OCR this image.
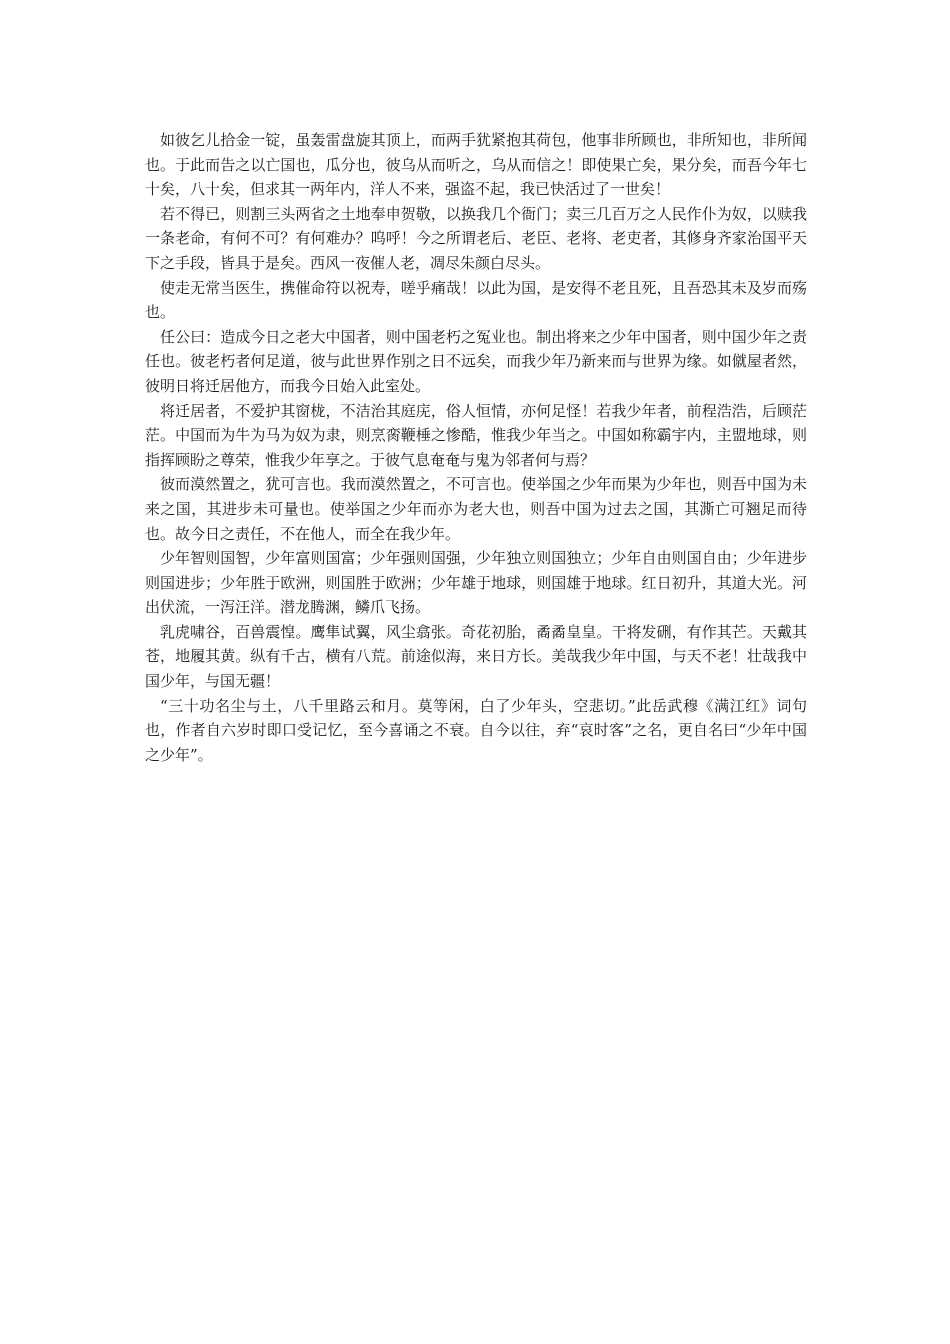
如彼乞儿拾金一锭，虽轰雷盘旋其顶上，而两手犹紧抱其荷包，他事非所顾也，非所知也，非所闻也。于此而告之以亡国也，瓜分也，彼乌从而听之，乌从而信之！即使果亡矣，果分矣，而吾今年七十矣，八十矣，但求其一两年内，洋人不来，强盗不起，我已快活过了一世矣！

若不得已，则割三头两省之土地奉申贺敬，以换我几个衙门；卖三几百万之人民作仆为奴，以赎我一条老命，有何不可？有何难办？呜呼！今之所谓老后、老臣、老将、老吏者，其修身齐家治国平天下之手段，皆具于是矣。西风一夜催人老，凋尽朱颜白尽头。

使走无常当医生，携催命符以祝寿，嗟乎痛哉！以此为国，是安得不老且死，且吾恐其未及岁而殇也。

任公曰：造成今日之老大中国者，则中国老朽之冤业也。制出将来之少年中国者，则中国少年之责任也。彼老朽者何足道，彼与此世界作别之日不远矣，而我少年乃新来而与世界为缘。如僦屋者然，彼明日将迁居他方，而我今日始入此室处。

将迁居者，不爱护其窗栊，不洁治其庭庑，俗人恒情，亦何足怪！若我少年者，前程浩浩，后顾茫茫。中国而为牛为马为奴为隶，则烹脔鞭棰之惨酷，惟我少年当之。中国如称霸宇内，主盟地球，则指挥顾盼之尊荣，惟我少年享之。于彼气息奄奄与鬼为邻者何与焉？

彼而漠然置之，犹可言也。我而漠然置之，不可言也。使举国之少年而果为少年也，则吾中国为未来之国，其进步未可量也。使举国之少年而亦为老大也，则吾中国为过去之国，其澌亡可翘足而待也。故今日之责任，不在他人，而全在我少年。

少年智则国智，少年富则国富；少年强则国强，少年独立则国独立；少年自由则国自由；少年进步则国进步；少年胜于欧洲，则国胜于欧洲；少年雄于地球，则国雄于地球。红日初升，其道大光。河出伏流，一泻汪洋。潜龙腾渊，鳞爪飞扬。

乳虎啸谷，百兽震惶。鹰隼试翼，风尘翕张。奇花初胎，矞矞皇皇。干将发硎，有作其芒。天戴其苍，地履其黄。纵有千古，横有八荒。前途似海，来日方长。美哉我少年中国，与天不老！壮哉我中国少年，与国无疆！

“三十功名尘与土，八千里路云和月。莫等闲，白了少年头，空悲切。”此岳武穆《满江红》词句也，作者自六岁时即口受记忆，至今喜诵之不衰。自今以往，弃“哀时客”之名，更自名曰“少年中国之少年”。
